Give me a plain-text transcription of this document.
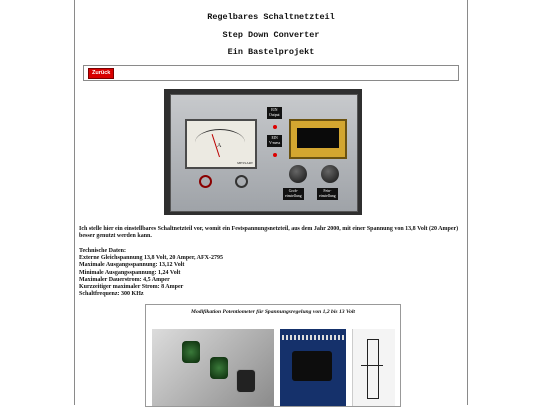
Regelbares Schaltnetzteil
Step Down Converter
Ein Bastelprojekt
Zurück
A
MESSART
EIN
Output
EIN
V-mess
Grob-
einstellung
Fein-
einstellung
Ich stelle hier ein einstellbares Schaltnetzteil vor, womit ein Festspannungsnetzteil, aus dem Jahr 2000, mit einer Spannung von 13,8 Volt (20 Amper) besser genutzt werden kann.
Technische Daten:
Externe Gleichspannung 13,8 Volt, 20 Amper, AFX-2795
Maximale Ausgangsspannung: 13,12 Volt
Minimale Ausgangsspannung: 1,24 Volt
Maximaler Dauerstrom: 4,5 Amper
Kurzzeitiger maximaler Strom: 8 Amper
Schaltfrequenz: 300 KHz
Modifikation Potentiometer für Spannungsregelung von 1,2 bis 13 Volt
